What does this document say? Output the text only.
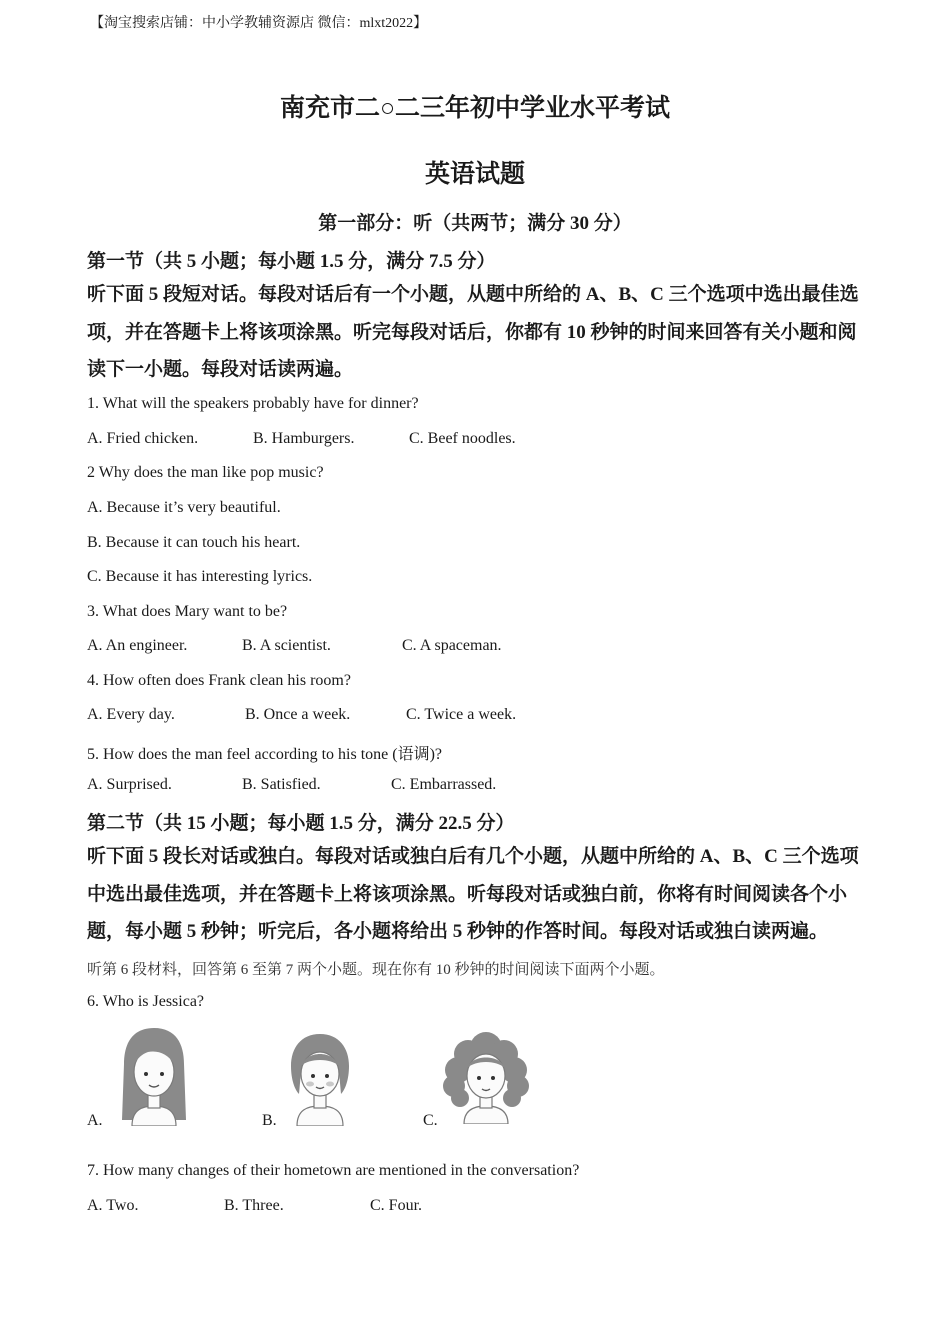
【淘宝搜索店铺：中小学教辅资源店 微信：mlxt2022】
南充市二○二三年初中学业水平考试
英语试题
第一部分：听（共两节；满分 30 分）
第一节（共 5 小题；每小题 1.5 分，满分 7.5 分）
听下面 5 段短对话。每段对话后有一个小题，从题中所给的 A、B、C 三个选项中选出最佳选项，并在答题卡上将该项涂黑。听完每段对话后，你都有 10 秒钟的时间来回答有关小题和阅读下一小题。每段对话读两遍。
1. What will the speakers probably have for dinner?
A. Fried chicken.	B. Hamburgers.	C. Beef noodles.
2 Why does the man like pop music?
A. Because it’s very beautiful.
B. Because it can touch his heart.
C. Because it has interesting lyrics.
3. What does Mary want to be?
A. An engineer.	B. A scientist.	C. A spaceman.
4. How often does Frank clean his room?
A. Every day.	B. Once a week.	C. Twice a week.
5. How does the man feel according to his tone (语调)?
A. Surprised.	B. Satisfied.	C. Embarrassed.
第二节（共 15 小题；每小题 1.5 分，满分 22.5 分）
听下面 5 段长对话或独白。每段对话或独白后有几个小题，从题中所给的 A、B、C 三个选项中选出最佳选项，并在答题卡上将该项涂黑。听每段对话或独白前，你将有时间阅读各个小题，每小题 5 秒钟；听完后，各小题将给出 5 秒钟的作答时间。每段对话或独白读两遍。
听第 6 段材料，回答第 6 至第 7 两个小题。现在你有 10 秒钟的时间阅读下面两个小题。
6. Who is Jessica?
A.	B.	C.
7. How many changes of their hometown are mentioned in the conversation?
A. Two.	B. Three.	C. Four.
